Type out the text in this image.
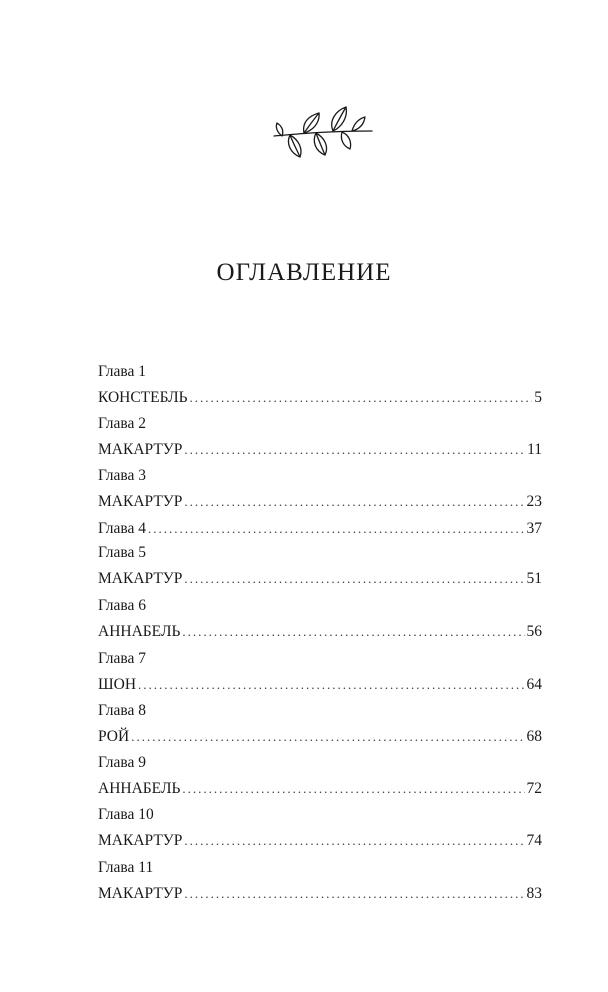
ОГЛАВЛЕНИЕ
Глава 1
КОНСТЕБЛЬ .....	5
Глава 2
МАКАРТУР .....	11
Глава 3
МАКАРТУР .....	23
Глава 4 .....	37
Глава 5
МАКАРТУР .....	51
Глава 6
АННАБЕЛЬ .....	56
Глава 7
ШОН .....	64
Глава 8
РОЙ .....	68
Глава 9
АННАБЕЛЬ .....	72
Глава 10
МАКАРТУР .....	74
Глава 11
МАКАРТУР .....	83
